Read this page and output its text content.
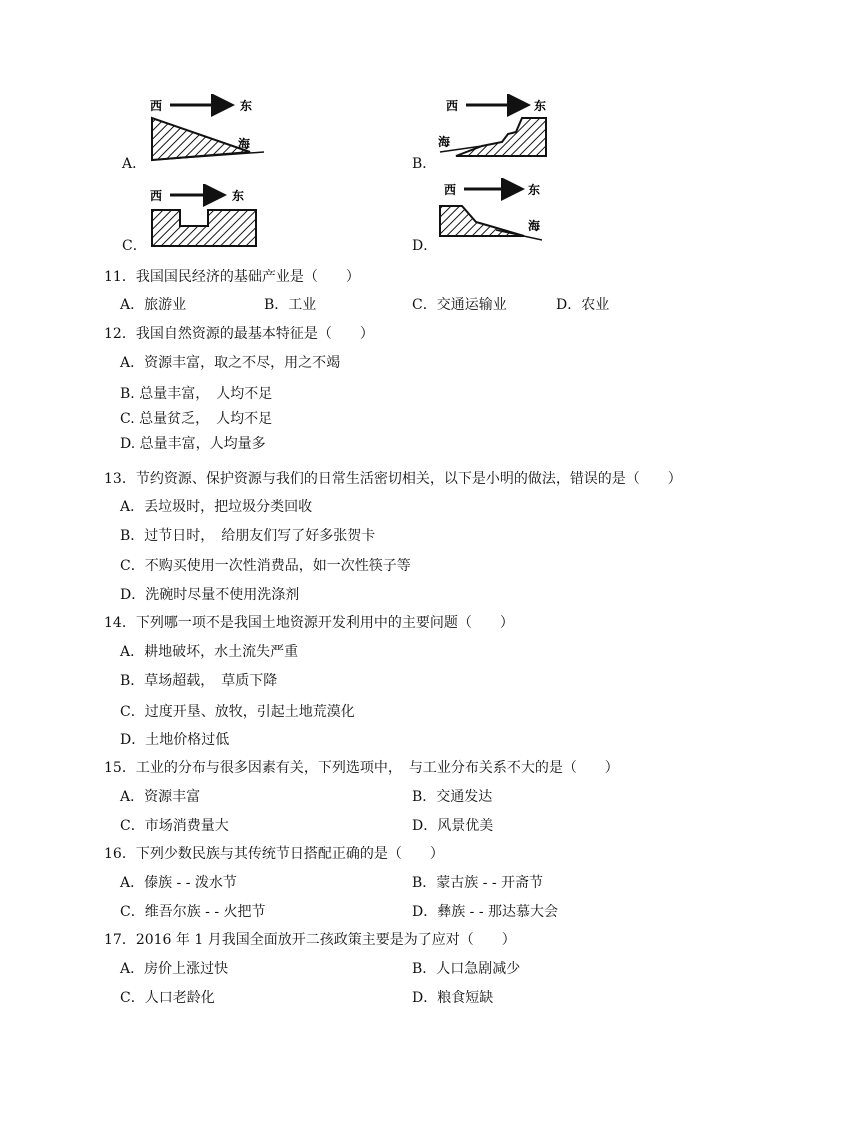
A．
西	东
海
B．
西	东
海
C．
西	东
D．
西	东
海
11．我国国民经济的基础产业是（　　）
A．旅游业	B．工业	C．交通运输业	D．农业
12．我国自然资源的最基本特征是（　　）
A．资源丰富，取之不尽，用之不竭
B. 总量丰富，　人均不足
C. 总量贫乏，　人均不足
D. 总量丰富，人均量多
13．节约资源、保护资源与我们的日常生活密切相关，以下是小明的做法，错误的是（　　）
A．丢垃圾时，把垃圾分类回收
B．过节日时，　给朋友们写了好多张贺卡
C．不购买使用一次性消费品，如一次性筷子等
D．洗碗时尽量不使用洗涤剂
14．下列哪一项不是我国土地资源开发利用中的主要问题（　　）
A．耕地破坏，水土流失严重
B．草场超载，　草质下降
C．过度开垦、放牧，引起土地荒漠化
D．土地价格过低
15．工业的分布与很多因素有关，下列选项中，　与工业分布关系不大的是（　　）
A．资源丰富	B．交通发达
C．市场消费量大	D．风景优美
16．下列少数民族与其传统节日搭配正确的是（　　）
A．傣族 - - 泼水节	B．蒙古族 - - 开斋节
C．维吾尔族 - - 火把节	D．彝族 - - 那达慕大会
17．2016 年 1 月我国全面放开二孩政策主要是为了应对（　　）
A．房价上涨过快	B．人口急剧减少
C．人口老龄化	D．粮食短缺
